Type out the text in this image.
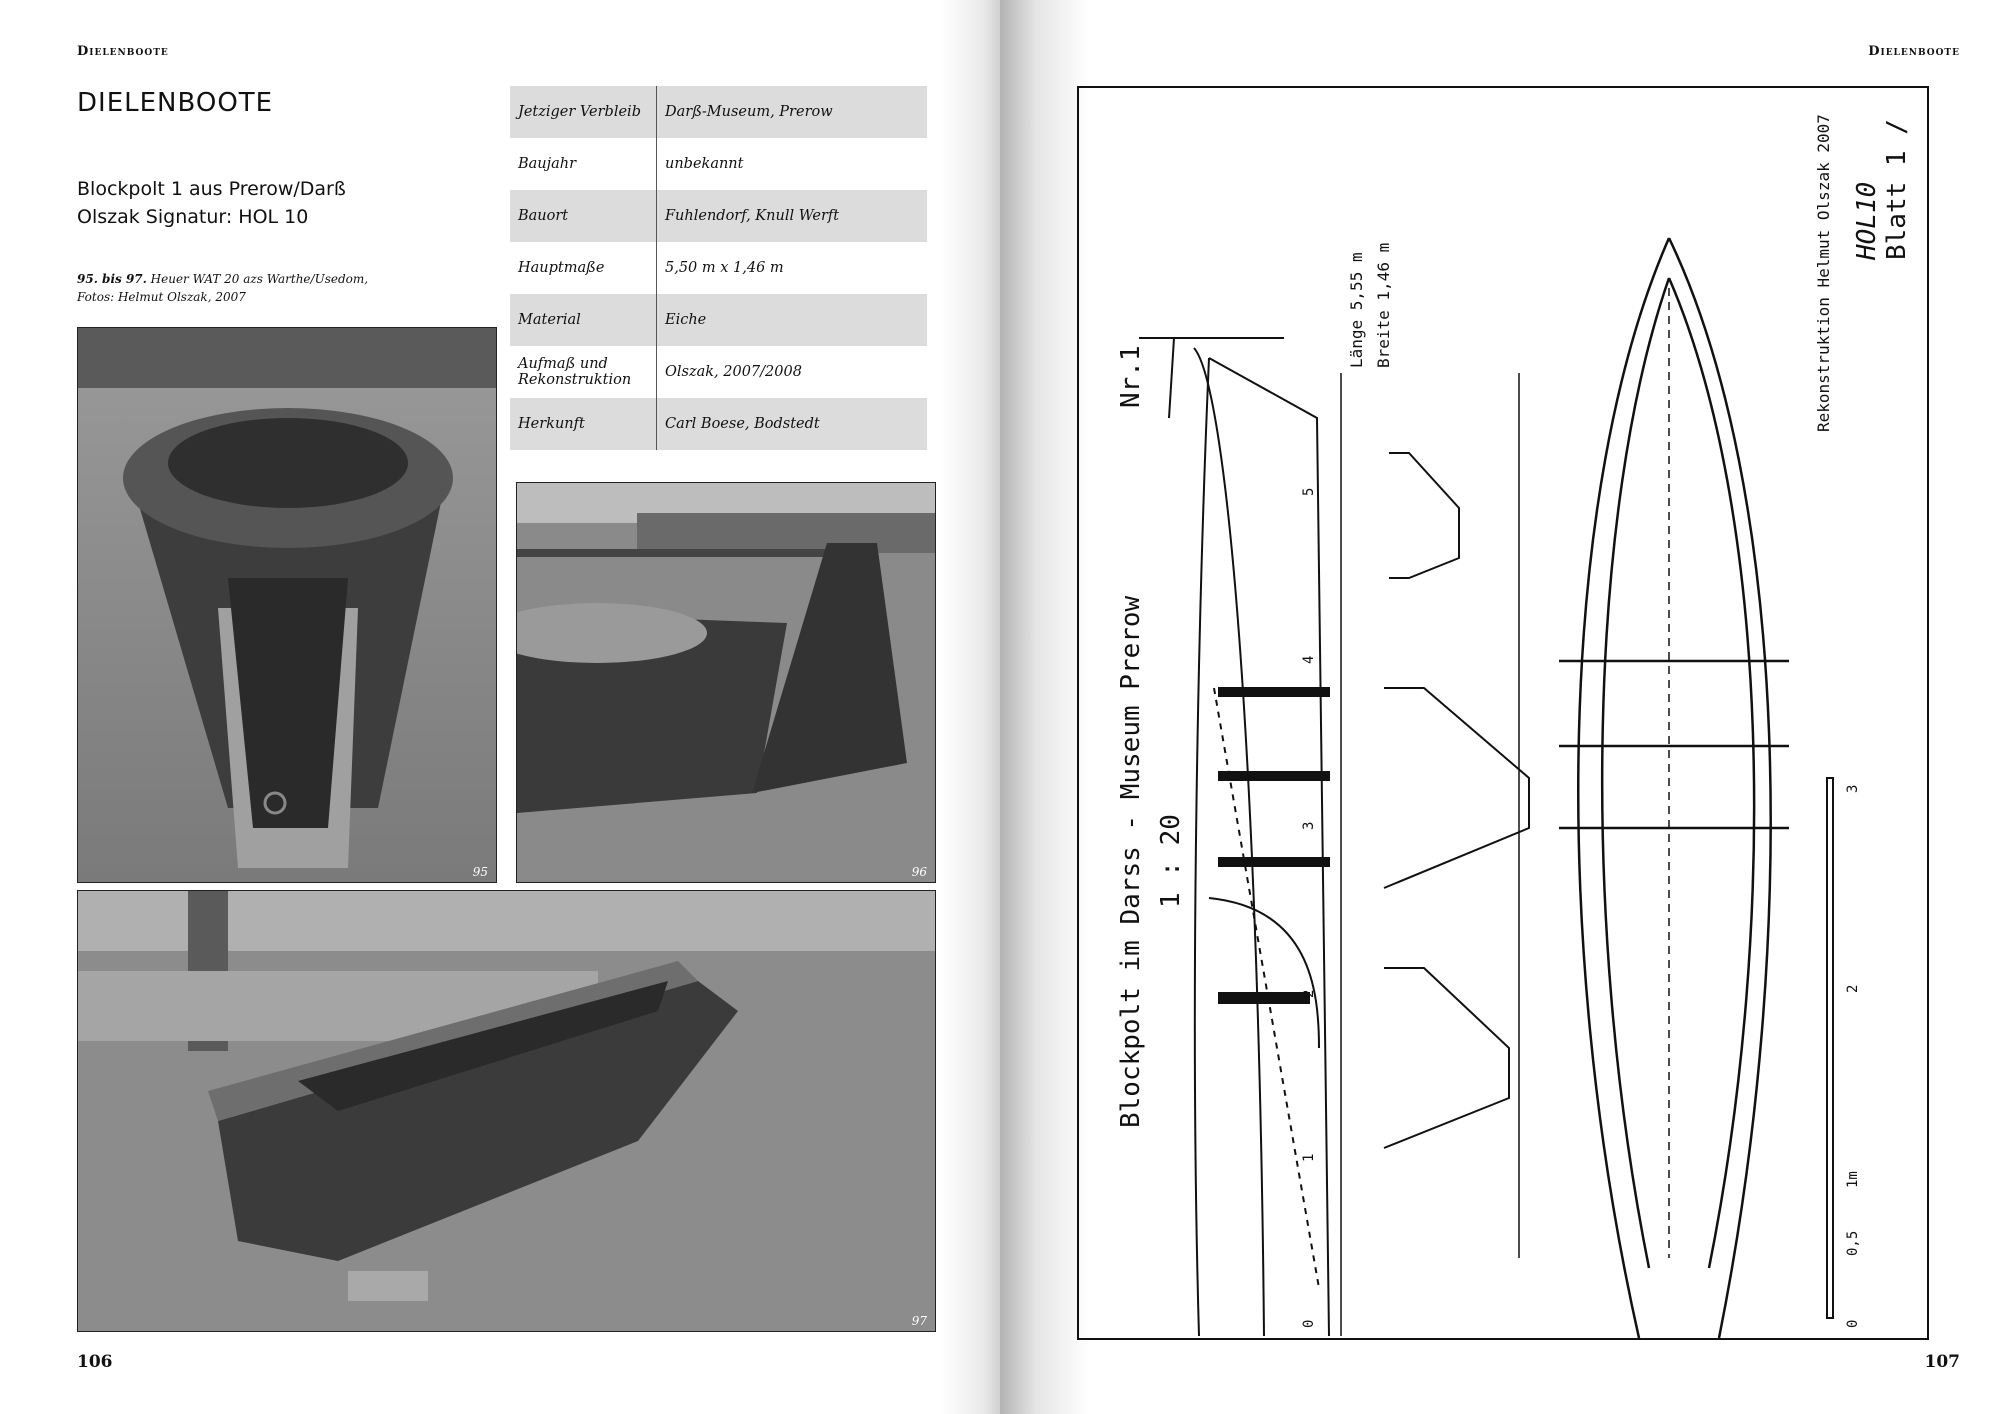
Dielenboote
DIELENBOOTE
Blockpolt 1 aus Prerow/Darß
Olszak Signatur: HOL 10
95. bis 97. Heuer WAT 20 azs Warthe/Usedom,
Fotos: Helmut Olszak, 2007
Jetziger Verbleib	Darß-Museum, Prerow
Baujahr	unbekannt
Bauort	Fuhlendorf, Knull Werft
Hauptmaße	5,50 m x 1,46 m
Material	Eiche
Aufmaß und Rekonstruktion	Olszak, 2007/2008
Herkunft	Carl Boese, Bodstedt
95	96
97
106
Dielenboote
Blockpolt im Darss - Museum Prerow
Nr.1
1 : 20
Länge 5,55 m Breite 1,46 m	Rekonstruktion Helmut Olszak 2007 HOL10 Blatt 1 /
0
1
2
3
4
5
0
0,5
1m
2
3
107
